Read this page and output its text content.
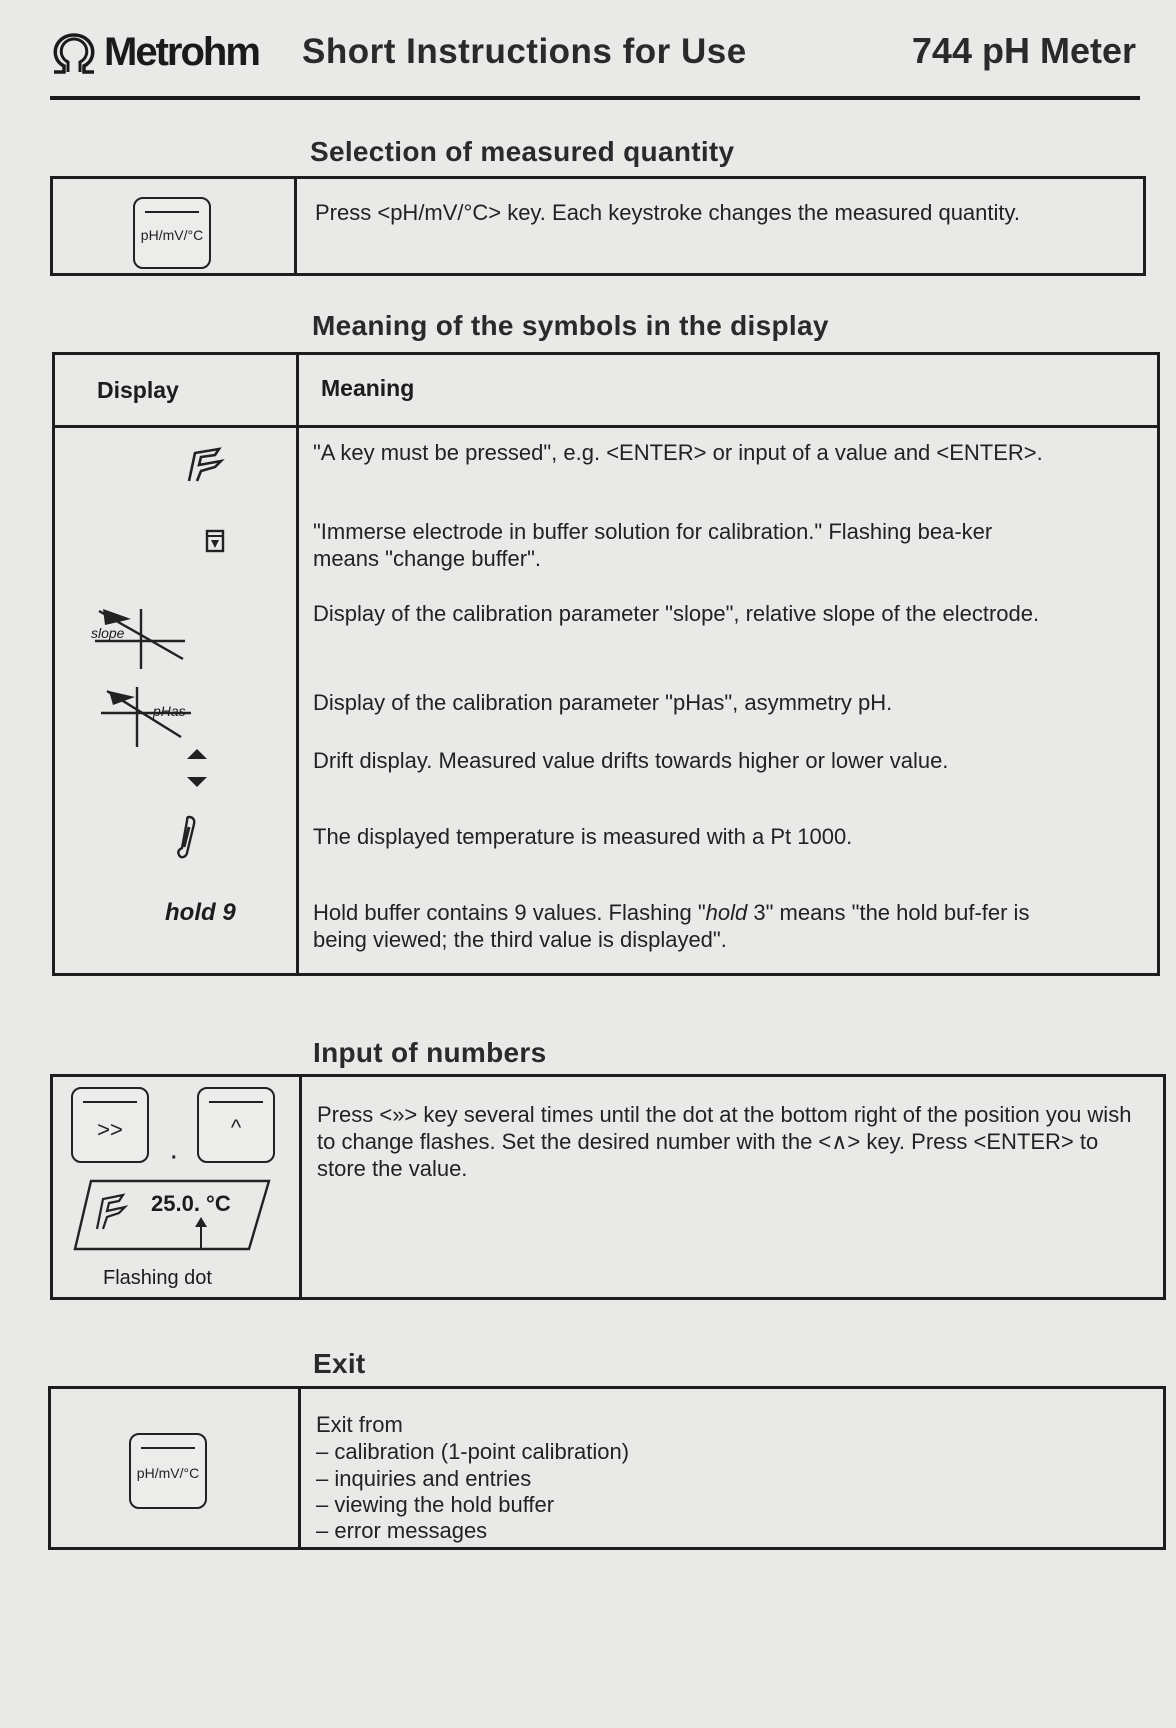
Metrohm Short Instructions for Use	744 pH Meter
Selection of measured quantity
pH/mV/°C
Press <pH/mV/°C> key. Each keystroke changes the measured quantity.
Meaning of the symbols in the display
Display	Meaning
slope
pHas
hold 9
"A key must be pressed", e.g. <ENTER> or input of a value and <ENTER>.
"Immerse electrode in buffer solution for calibration." Flashing bea-ker means "change buffer".
Display of the calibration parameter "slope", relative slope of the electrode.
Display of the calibration parameter "pHas", asymmetry pH.
Drift display. Measured value drifts towards higher or lower value.
The displayed temperature is measured with a Pt 1000.
Hold buffer contains 9 values. Flashing "hold 3" means "the hold buf-fer is being viewed; the third value is displayed".
Input of numbers
>>
·
^
25.0. °C
Flashing dot
Press <»> key several times until the dot at the bottom right of the position you wish to change flashes. Set the desired number with the <∧> key. Press <ENTER> to store the value.
Exit
pH/mV/°C
Exit from
– calibration (1-point calibration)
– inquiries and entries
– viewing the hold buffer
– error messages
